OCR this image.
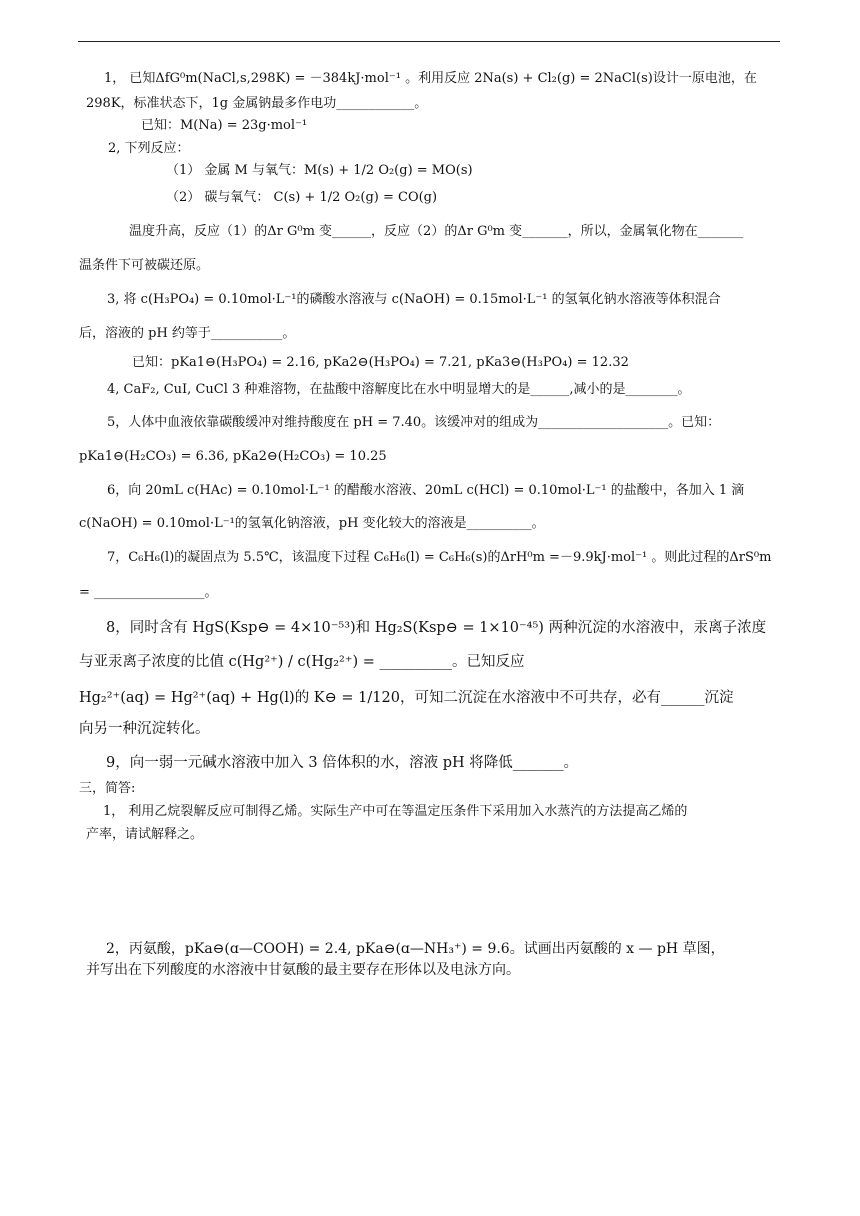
1， 已知ΔfG⁰m(NaCl,s,298K) = －384kJ·mol⁻¹ 。利用反应 2Na(s) + Cl₂(g) = 2NaCl(s)设计一原电池，在
298K，标准状态下，1g 金属钠最多作电功____________。
已知：M(Na) = 23g·mol⁻¹
2, 下列反应：
（1） 金属 M 与氧气：M(s) + 1/2 O₂(g) = MO(s)
（2） 碳与氧气： C(s) + 1/2 O₂(g) = CO(g)
温度升高，反应（1）的Δr G⁰m 变______，反应（2）的Δr G⁰m 变_______，所以，金属氧化物在_______
温条件下可被碳还原。
3, 将 c(H₃PO₄) = 0.10mol·L⁻¹的磷酸水溶液与 c(NaOH) = 0.15mol·L⁻¹ 的氢氧化钠水溶液等体积混合
后，溶液的 pH 约等于___________。
已知：pKa1⊖(H₃PO₄) = 2.16, pKa2⊖(H₃PO₄) = 7.21, pKa3⊖(H₃PO₄) = 12.32
4, CaF₂, CuI, CuCl 3 种难溶物，在盐酸中溶解度比在水中明显增大的是______,减小的是________。
5，人体中血液依靠碳酸缓冲对维持酸度在 pH = 7.40。该缓冲对的组成为____________________。已知：
pKa1⊖(H₂CO₃) = 6.36, pKa2⊖(H₂CO₃) = 10.25
6，向 20mL c(HAc) = 0.10mol·L⁻¹ 的醋酸水溶液、20mL c(HCl) = 0.10mol·L⁻¹ 的盐酸中，各加入 1 滴
c(NaOH) = 0.10mol·L⁻¹的氢氧化钠溶液，pH 变化较大的溶液是__________。
7，C₆H₆(l)的凝固点为 5.5℃，该温度下过程 C₆H₆(l) = C₆H₆(s)的ΔrH⁰m =－9.9kJ·mol⁻¹ 。则此过程的ΔrS⁰m
= _________________。
8，同时含有 HgS(Ksp⊖ = 4×10⁻⁵³)和 Hg₂S(Ksp⊖ = 1×10⁻⁴⁵) 两种沉淀的水溶液中，汞离子浓度
与亚汞离子浓度的比值 c(Hg²⁺) / c(Hg₂²⁺) = __________。已知反应
Hg₂²⁺(aq) = Hg²⁺(aq) + Hg(l)的 K⊖ = 1/120，可知二沉淀在水溶液中不可共存，必有______沉淀
向另一种沉淀转化。
9，向一弱一元碱水溶液中加入 3 倍体积的水，溶液 pH 将降低_______。
三，简答:
1， 利用乙烷裂解反应可制得乙烯。实际生产中可在等温定压条件下采用加入水蒸汽的方法提高乙烯的
产率，请试解释之。
2，丙氨酸，pKa⊖(ɑ—COOH) = 2.4, pKa⊖(ɑ—NH₃⁺) = 9.6。试画出丙氨酸的 x — pH 草图，
并写出在下列酸度的水溶液中甘氨酸的最主要存在形体以及电泳方向。
